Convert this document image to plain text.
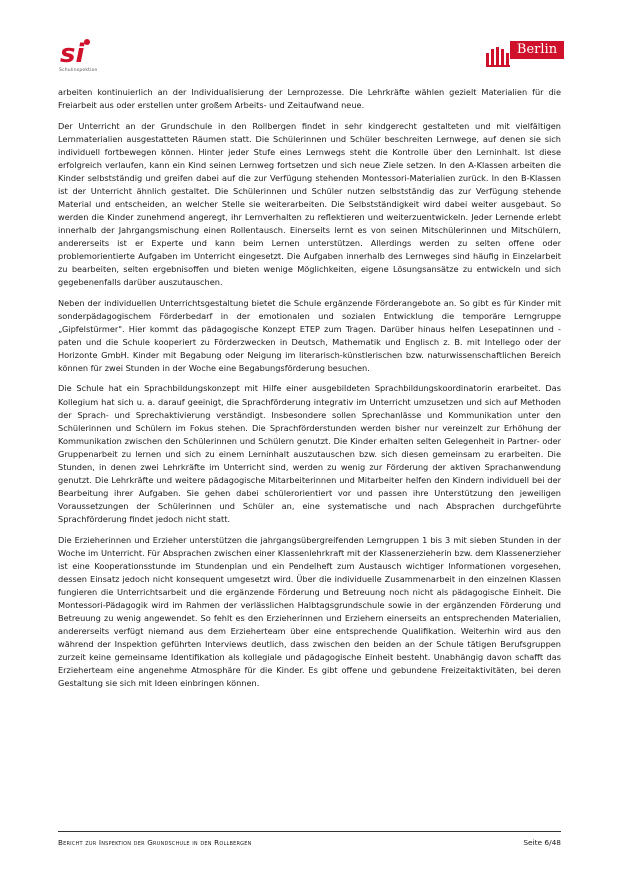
si
Schulinspektion
Berlin

arbeiten kontinuierlich an der Individualisierung der Lernprozesse. Die Lehrkräfte wählen gezielt Materialien für die Freiarbeit aus oder erstellen unter großem Arbeits- und Zeitaufwand neue.

Der Unterricht an der Grundschule in den Rollbergen findet in sehr kindgerecht gestalteten und mit vielfältigen Lernmaterialien ausgestatteten Räumen statt. Die Schülerinnen und Schüler beschreiten Lernwege, auf denen sie sich individuell fortbewegen können. Hinter jeder Stufe eines Lernwegs steht die Kontrolle über den Lerninhalt. Ist diese erfolgreich verlaufen, kann ein Kind seinen Lernweg fortsetzen und sich neue Ziele setzen. In den A-Klassen arbeiten die Kinder selbstständig und greifen dabei auf die zur Verfügung stehenden Montessori-Materialien zurück. In den B-Klassen ist der Unterricht ähnlich gestaltet. Die Schülerinnen und Schüler nutzen selbstständig das zur Verfügung stehende Material und entscheiden, an welcher Stelle sie weiterarbeiten. Die Selbstständigkeit wird dabei weiter ausgebaut. So werden die Kinder zunehmend angeregt, ihr Lernverhalten zu reflektieren und weiterzuentwickeln. Jeder Lernende erlebt innerhalb der Jahrgangsmischung einen Rollentausch. Einerseits lernt es von seinen Mitschülerinnen und Mitschülern, andererseits ist er Experte und kann beim Lernen unterstützen. Allerdings werden zu selten offene oder problemorientierte Aufgaben im Unterricht eingesetzt. Die Aufgaben innerhalb des Lernweges sind häufig in Einzelarbeit zu bearbeiten, selten ergebnisoffen und bieten wenige Möglichkeiten, eigene Lösungsansätze zu entwickeln und sich gegebenenfalls darüber auszutauschen.

Neben der individuellen Unterrichtsgestaltung bietet die Schule ergänzende Förderangebote an. So gibt es für Kinder mit sonderpädagogischem Förderbedarf in der emotionalen und sozialen Entwicklung die temporäre Lerngruppe „Gipfelstürmer". Hier kommt das pädagogische Konzept ETEP zum Tragen. Darüber hinaus helfen Lesepatinnen und -paten und die Schule kooperiert zu Förderzwecken in Deutsch, Mathematik und Englisch z. B. mit Intellego oder der Horizonte GmbH. Kinder mit Begabung oder Neigung im literarisch-künstlerischen bzw. naturwissenschaftlichen Bereich können für zwei Stunden in der Woche eine Begabungsförderung besuchen.

Die Schule hat ein Sprachbildungskonzept mit Hilfe einer ausgebildeten Sprachbildungskoordinatorin erarbeitet. Das Kollegium hat sich u. a. darauf geeinigt, die Sprachförderung integrativ im Unterricht umzusetzen und sich auf Methoden der Sprach- und Sprechaktivierung verständigt. Insbesondere sollen Sprechanlässe und Kommunikation unter den Schülerinnen und Schülern im Fokus stehen. Die Sprachförderstunden werden bisher nur vereinzelt zur Erhöhung der Kommunikation zwischen den Schülerinnen und Schülern genutzt. Die Kinder erhalten selten Gelegenheit in Partner- oder Gruppenarbeit zu lernen und sich zu einem Lerninhalt auszutauschen bzw. sich diesen gemeinsam zu erarbeiten. Die Stunden, in denen zwei Lehrkräfte im Unterricht sind, werden zu wenig zur Förderung der aktiven Sprachanwendung genutzt. Die Lehrkräfte und weitere pädagogische Mitarbeiterinnen und Mitarbeiter helfen den Kindern individuell bei der Bearbeitung ihrer Aufgaben. Sie gehen dabei schülerorientiert vor und passen ihre Unterstützung den jeweiligen Voraussetzungen der Schülerinnen und Schüler an, eine systematische und nach Absprachen durchgeführte Sprachförderung findet jedoch nicht statt.

Die Erzieherinnen und Erzieher unterstützen die jahrgangsübergreifenden Lerngruppen 1 bis 3 mit sieben Stunden in der Woche im Unterricht. Für Absprachen zwischen einer Klassenlehrkraft mit der Klassenerzieherin bzw. dem Klassenerzieher ist eine Kooperationsstunde im Stundenplan und ein Pendelheft zum Austausch wichtiger Informationen vorgesehen, dessen Einsatz jedoch nicht konsequent umgesetzt wird. Über die individuelle Zusammenarbeit in den einzelnen Klassen fungieren die Unterrichtsarbeit und die ergänzende Förderung und Betreuung noch nicht als pädagogische Einheit. Die Montessori-Pädagogik wird im Rahmen der verlässlichen Halbtagsgrundschule sowie in der ergänzenden Förderung und Betreuung zu wenig angewendet. So fehlt es den Erzieherinnen und Erziehern einerseits an entsprechenden Materialien, andererseits verfügt niemand aus dem Erzieherteam über eine entsprechende Qualifikation. Weiterhin wird aus den während der Inspektion geführten Interviews deutlich, dass zwischen den beiden an der Schule tätigen Berufsgruppen zurzeit keine gemeinsame Identifikation als kollegiale und pädagogische Einheit besteht. Unabhängig davon schafft das Erzieherteam eine angenehme Atmosphäre für die Kinder. Es gibt offene und gebundene Freizeitaktivitäten, bei deren Gestaltung sie sich mit Ideen einbringen können.

Bericht zur Inspektion der Grundschule in den Rollbergen	Seite 6/48
